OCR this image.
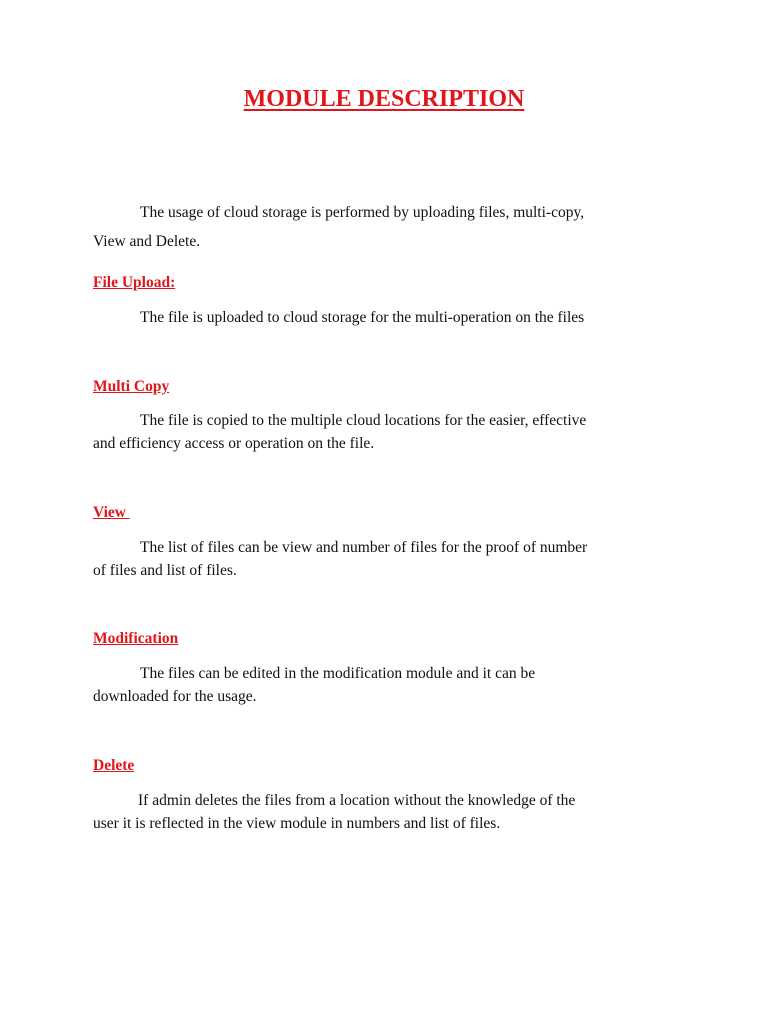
MODULE DESCRIPTION

The usage of cloud storage is performed by uploading files, multi-copy,
View and Delete.

File Upload:

The file is uploaded to cloud storage for the multi-operation on the files

Multi Copy

The file is copied to the multiple cloud locations for the easier, effective
and efficiency access or operation on the file.

View

The list of files can be view and number of files for the proof of number
of files and list of files.

Modification

The files can be edited in the modification module and it can be
downloaded for the usage.

Delete

If admin deletes the files from a location without the knowledge of the
user it is reflected in the view module in numbers and list of files.
